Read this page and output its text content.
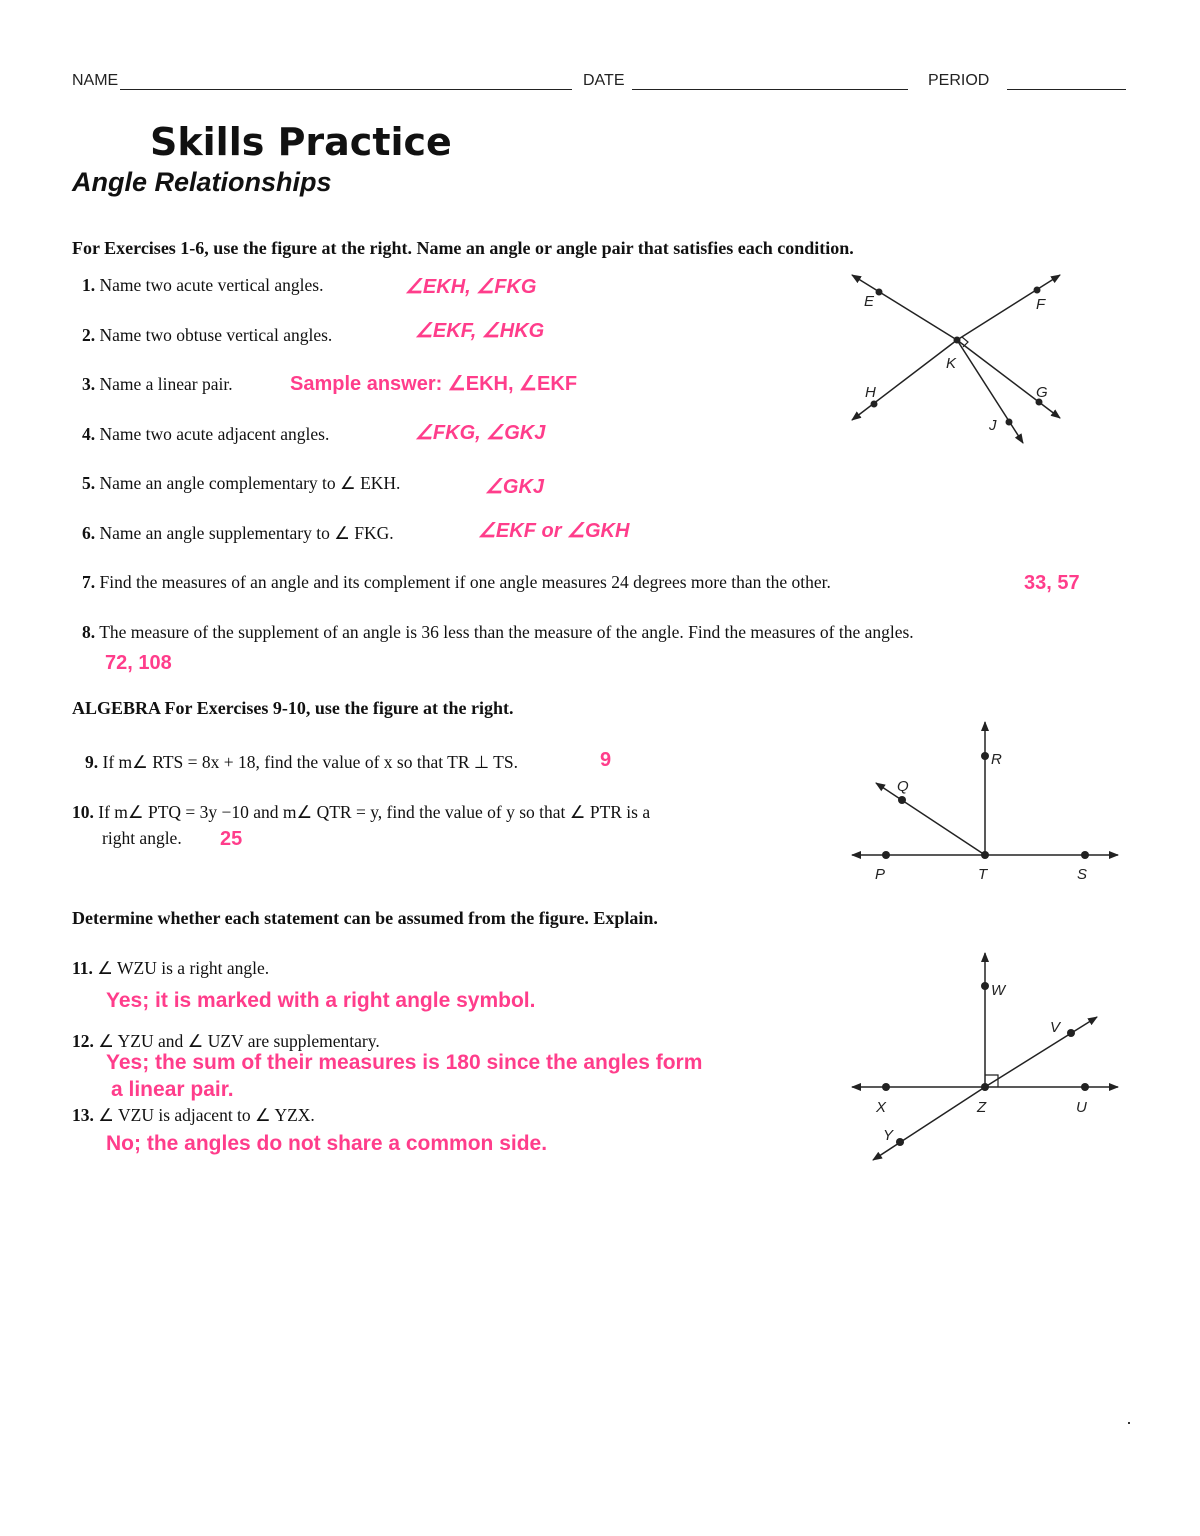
NAME	DATE	PERIOD
Skills Practice
Angle Relationships
For Exercises 1-6, use the figure at the right. Name an angle or angle pair that satisfies each condition.
1. Name two acute vertical angles.	∠EKH, ∠FKG
2. Name two obtuse vertical angles.	∠EKF, ∠HKG
3. Name a linear pair.	Sample answer: ∠EKH, ∠EKF
4. Name two acute adjacent angles.	∠FKG, ∠GKJ
5. Name an angle complementary to ∠ EKH.	∠GKJ
6. Name an angle supplementary to ∠ FKG.	∠EKF or ∠GKH
7. Find the measures of an angle and its complement if one angle measures 24 degrees more than the other.	33, 57
8. The measure of the supplement of an angle is 36 less than the measure of the angle. Find the measures of the angles.
72, 108
E	F
K
H	G
J
ALGEBRA For Exercises 9-10, use the figure at the right.
9. If m∠ RTS = 8x + 18, find the value of x so that TR ⊥ TS.	9
10. If m∠ PTQ = 3y −10 and m∠ QTR = y, find the value of y so that ∠ PTR is a
right angle. 25
R
Q
P	T	S
Determine whether each statement can be assumed from the figure. Explain.
11. ∠ WZU is a right angle.
Yes; it is marked with a right angle symbol.
12. ∠ YZU and ∠ UZV are supplementary.
Yes; the sum of their measures is 180 since the angles form
a linear pair.
13. ∠ VZU is adjacent to ∠ YZX.
No; the angles do not share a common side.
W
V
X	Z	U
Y
